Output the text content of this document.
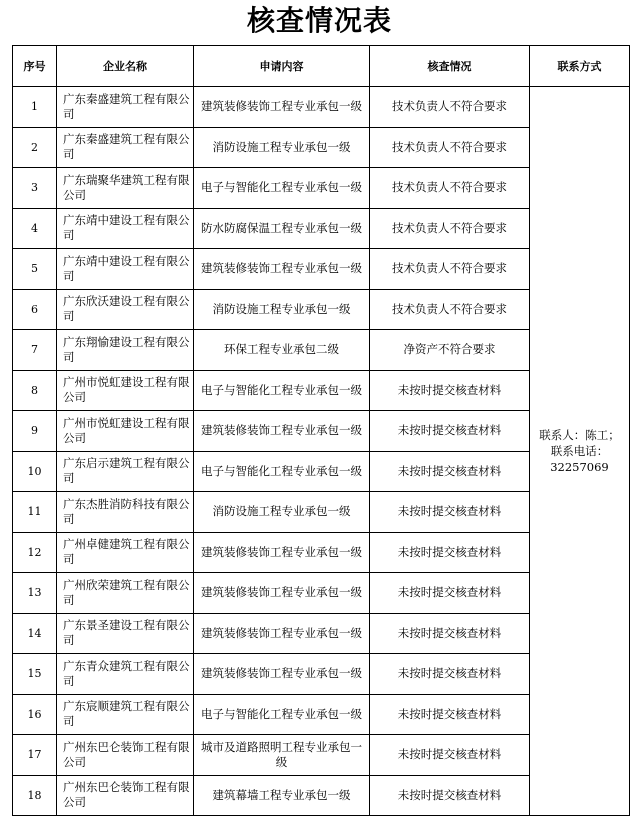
核查情况表
序号	企业名称	申请内容	核查情况	联系方式
1	广东秦盛建筑工程有限公司	建筑装修装饰工程专业承包一级	技术负责人不符合要求	联系人：陈工；
联系电话：
32257069

2	广东秦盛建筑工程有限公司	消防设施工程专业承包一级	技术负责人不符合要求	
3	广东瑞聚华建筑工程有限公司	电子与智能化工程专业承包一级	技术负责人不符合要求	
4	广东靖中建设工程有限公司	防水防腐保温工程专业承包一级	技术负责人不符合要求	
5	广东靖中建设工程有限公司	建筑装修装饰工程专业承包一级	技术负责人不符合要求	
6	广东欣沃建设工程有限公司	消防设施工程专业承包一级	技术负责人不符合要求	
7	广东翔愉建设工程有限公司	环保工程专业承包二级	净资产不符合要求	
8	广州市悦虹建设工程有限公司	电子与智能化工程专业承包一级	未按时提交核查材料	
9	广州市悦虹建设工程有限公司	建筑装修装饰工程专业承包一级	未按时提交核查材料	
10	广东启示建筑工程有限公司	电子与智能化工程专业承包一级	未按时提交核查材料	
11	广东杰胜消防科技有限公司	消防设施工程专业承包一级	未按时提交核查材料	
12	广州卓健建筑工程有限公司	建筑装修装饰工程专业承包一级	未按时提交核查材料	
13	广州欣荣建筑工程有限公司	建筑装修装饰工程专业承包一级	未按时提交核查材料	
14	广东景圣建设工程有限公司	建筑装修装饰工程专业承包一级	未按时提交核查材料	
15	广东青众建筑工程有限公司	建筑装修装饰工程专业承包一级	未按时提交核查材料	
16	广东宸顺建筑工程有限公司	电子与智能化工程专业承包一级	未按时提交核查材料	
17	广州东巴仑装饰工程有限公司	城市及道路照明工程专业承包一级	未按时提交核查材料	
18	广州东巴仑装饰工程有限公司	建筑幕墙工程专业承包一级	未按时提交核查材料	
